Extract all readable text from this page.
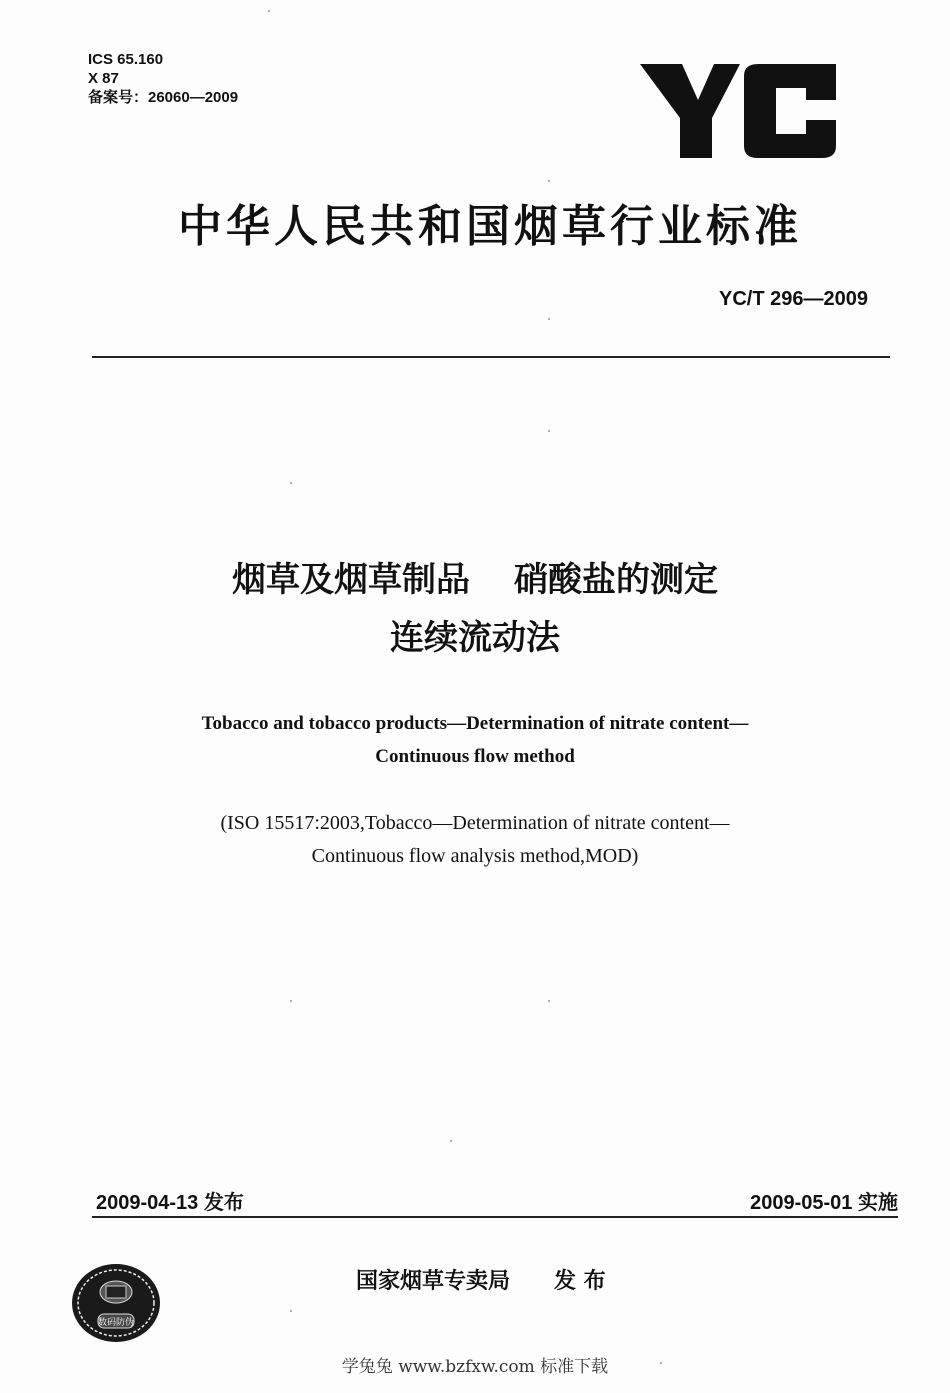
ICS 65.160
X 87
备案号：26060—2009
中华人民共和国烟草行业标准
YC/T 296—2009
烟草及烟草制品 硝酸盐的测定
连续流动法
Tobacco and tobacco products—Determination of nitrate content—
Continuous flow method
(ISO 15517:2003,Tobacco—Determination of nitrate content—
Continuous flow analysis method,MOD)
2009-04-13 发布	2009-05-01 实施
数码防伪
国家烟草专卖局 发 布
学兔兔 www.bzfxw.com 标准下载
